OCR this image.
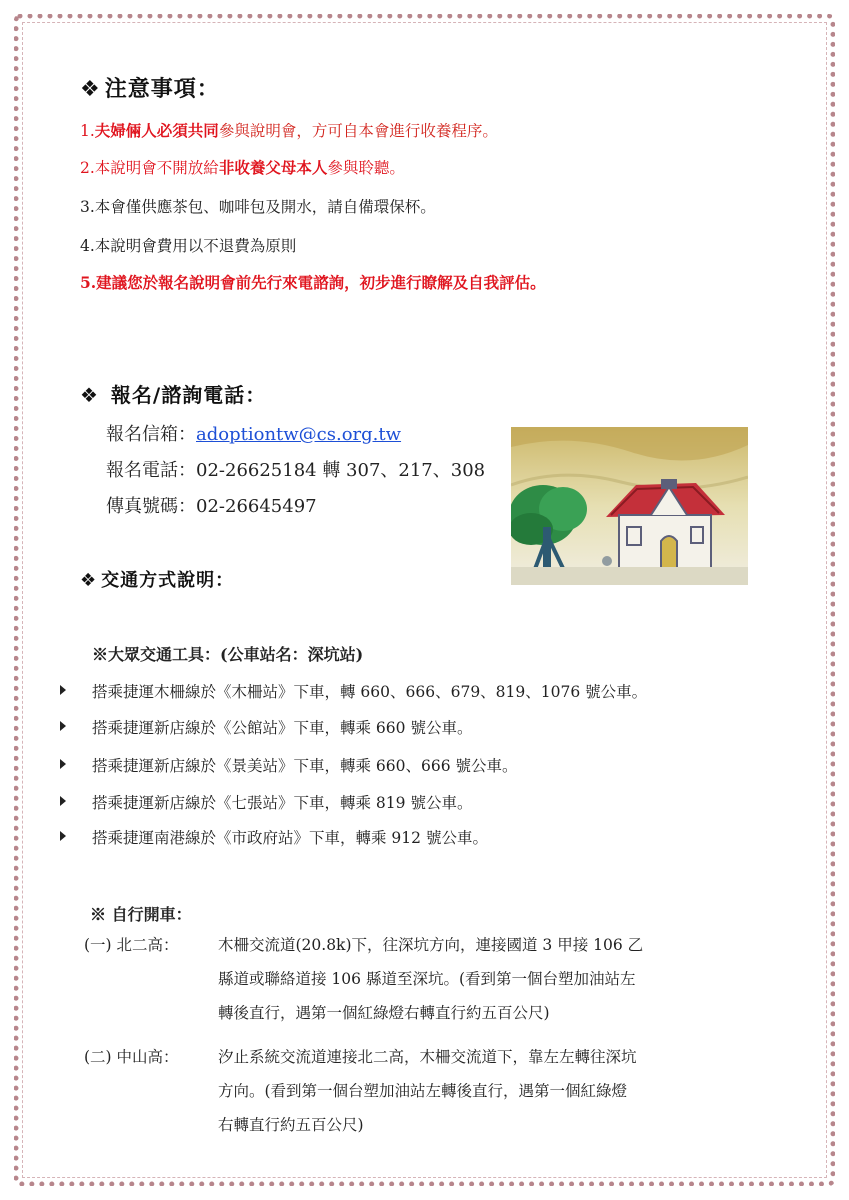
❖ 注意事項：
1.夫婦倆人必須共同參與說明會，方可自本會進行收養程序。
2.本說明會不開放給非收養父母本人參與聆聽。
3.本會僅供應茶包、咖啡包及開水，請自備環保杯。
4.本說明會費用以不退費為原則
5.建議您於報名說明會前先行來電諮詢，初步進行瞭解及自我評估。
❖ 報名/諮詢電話：
報名信箱：adoptiontw@cs.org.tw
報名電話：02-26625184 轉 307、217、308
傳真號碼：02-26645497
❖ 交通方式說明：
※大眾交通工具：(公車站名：深坑站)
搭乘捷運木柵線於《木柵站》下車，轉 660、666、679、819、1076 號公車。
搭乘捷運新店線於《公館站》下車，轉乘 660 號公車。
搭乘捷運新店線於《景美站》下車，轉乘 660、666 號公車。
搭乘捷運新店線於《七張站》下車，轉乘 819 號公車。
搭乘捷運南港線於《市政府站》下車，轉乘 912 號公車。
※ 自行開車：
(一) 北二高：	木柵交流道(20.8k)下，往深坑方向，連接國道 3 甲接 106 乙
縣道或聯絡道接 106 縣道至深坑。(看到第一個台塑加油站左
轉後直行，遇第一個紅綠燈右轉直行約五百公尺)
(二) 中山高：	汐止系統交流道連接北二高，木柵交流道下，靠左左轉往深坑
方向。(看到第一個台塑加油站左轉後直行，遇第一個紅綠燈
右轉直行約五百公尺)
